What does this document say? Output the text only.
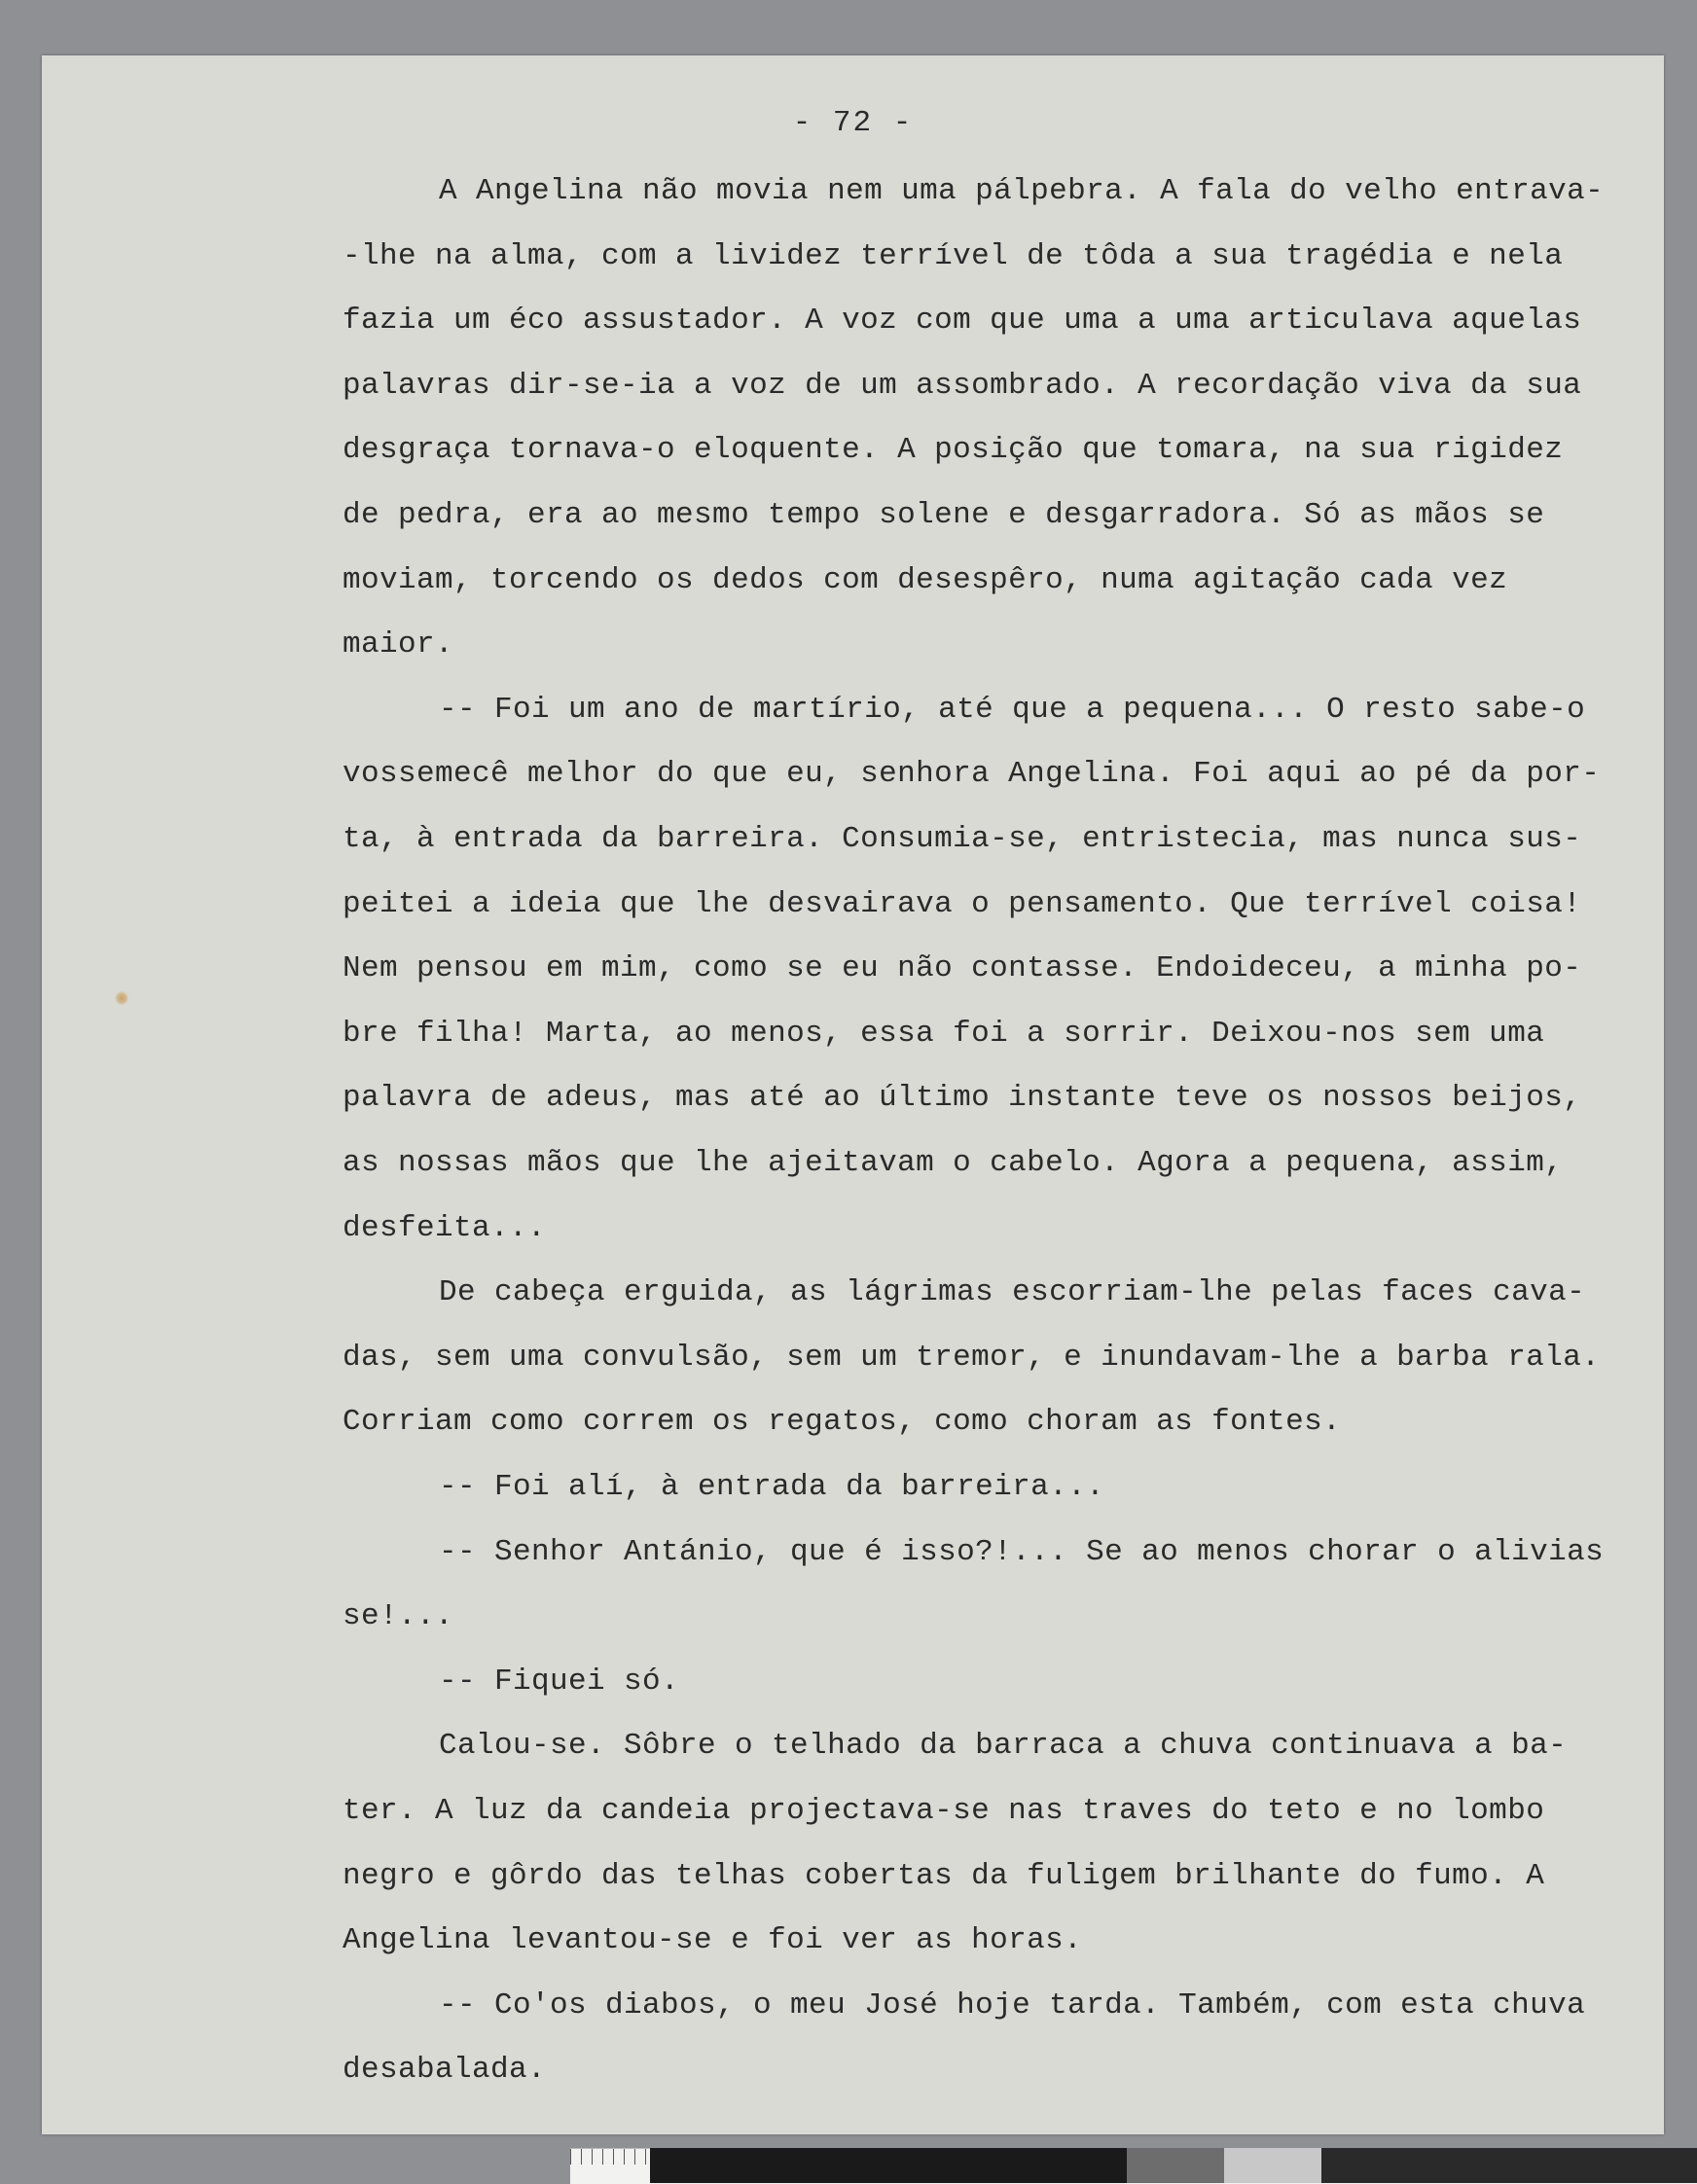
- 72 -
A Angelina não movia nem uma pálpebra. A fala do velho entrava-
-lhe na alma, com a lividez terrível de tôda a sua tragédia e nela
fazia um éco assustador. A voz com que uma a uma articulava aquelas
palavras dir-se-ia a voz de um assombrado. A recordação viva da sua
desgraça tornava-o eloquente. A posição que tomara, na sua rigidez
de pedra, era ao mesmo tempo solene e desgarradora. Só as mãos se
moviam, torcendo os dedos com desespêro, numa agitação cada vez
maior.
-- Foi um ano de martírio, até que a pequena... O resto sabe-o
vossemecê melhor do que eu, senhora Angelina. Foi aqui ao pé da por-
ta, à entrada da barreira. Consumia-se, entristecia, mas nunca sus-
peitei a ideia que lhe desvairava o pensamento. Que terrível coisa!
Nem pensou em mim, como se eu não contasse. Endoideceu, a minha po-
bre filha! Marta, ao menos, essa foi a sorrir. Deixou-nos sem uma
palavra de adeus, mas até ao último instante teve os nossos beijos,
as nossas mãos que lhe ajeitavam o cabelo. Agora a pequena, assim,
desfeita...
De cabeça erguida, as lágrimas escorriam-lhe pelas faces cava-
das, sem uma convulsão, sem um tremor, e inundavam-lhe a barba rala.
Corriam como correm os regatos, como choram as fontes.
-- Foi alí, à entrada da barreira...
-- Senhor Antánio, que é isso?!... Se ao menos chorar o alivias
se!...
-- Fiquei só.
Calou-se. Sôbre o telhado da barraca a chuva continuava a ba-
ter. A luz da candeia projectava-se nas traves do teto e no lombo
negro e gôrdo das telhas cobertas da fuligem brilhante do fumo. A
Angelina levantou-se e foi ver as horas.
-- Co'os diabos, o meu José hoje tarda. Também, com esta chuva
desabalada.
